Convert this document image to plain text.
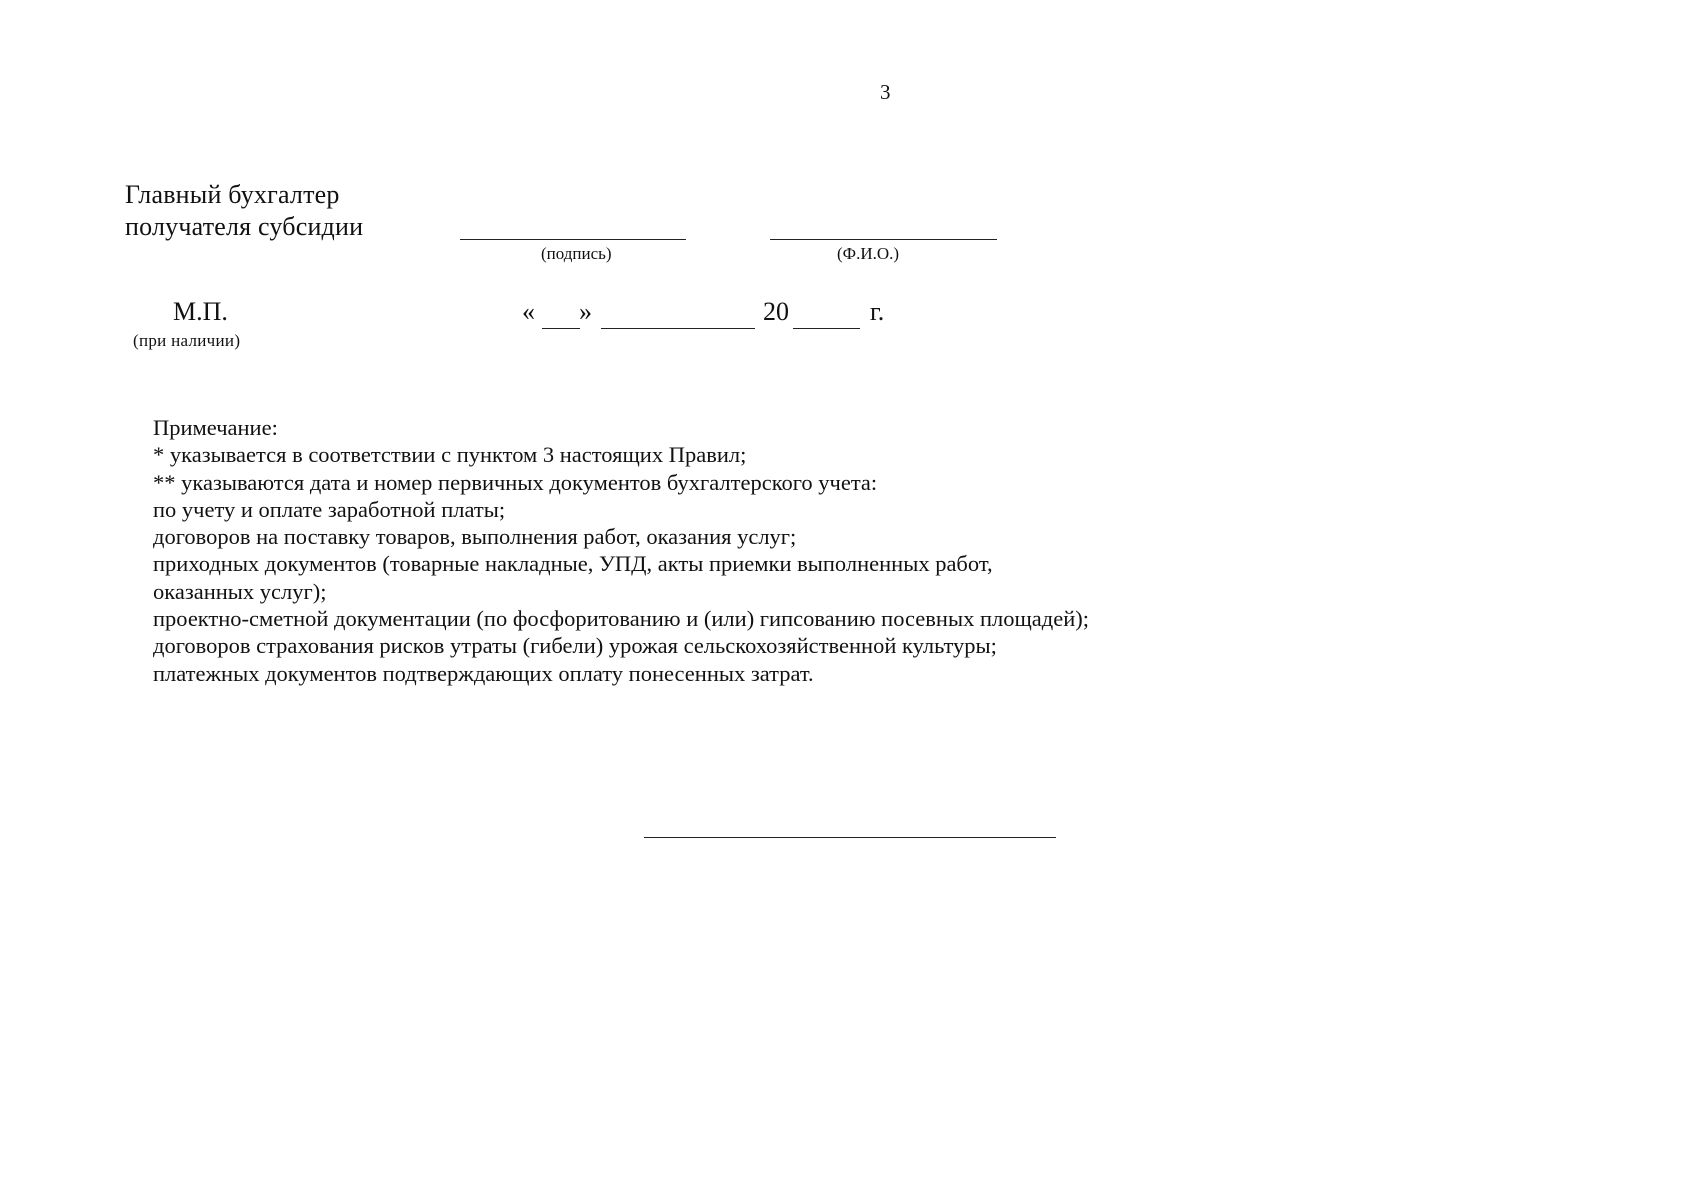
3
Главный бухгалтер
получателя субсидии
(подпись)	(Ф.И.О.)
М.П.
(при наличии)
« »	20	г.
Примечание:
* указывается в соответствии с пунктом 3 настоящих Правил;
** указываются дата и номер первичных документов бухгалтерского учета:
по учету и оплате заработной платы;
договоров на поставку товаров, выполнения работ, оказания услуг;
приходных документов (товарные накладные, УПД, акты приемки выполненных работ,
оказанных услуг);
проектно-сметной документации (по фосфоритованию и (или) гипсованию посевных площадей);
договоров страхования рисков утраты (гибели) урожая сельскохозяйственной культуры;
платежных документов подтверждающих оплату понесенных затрат.
